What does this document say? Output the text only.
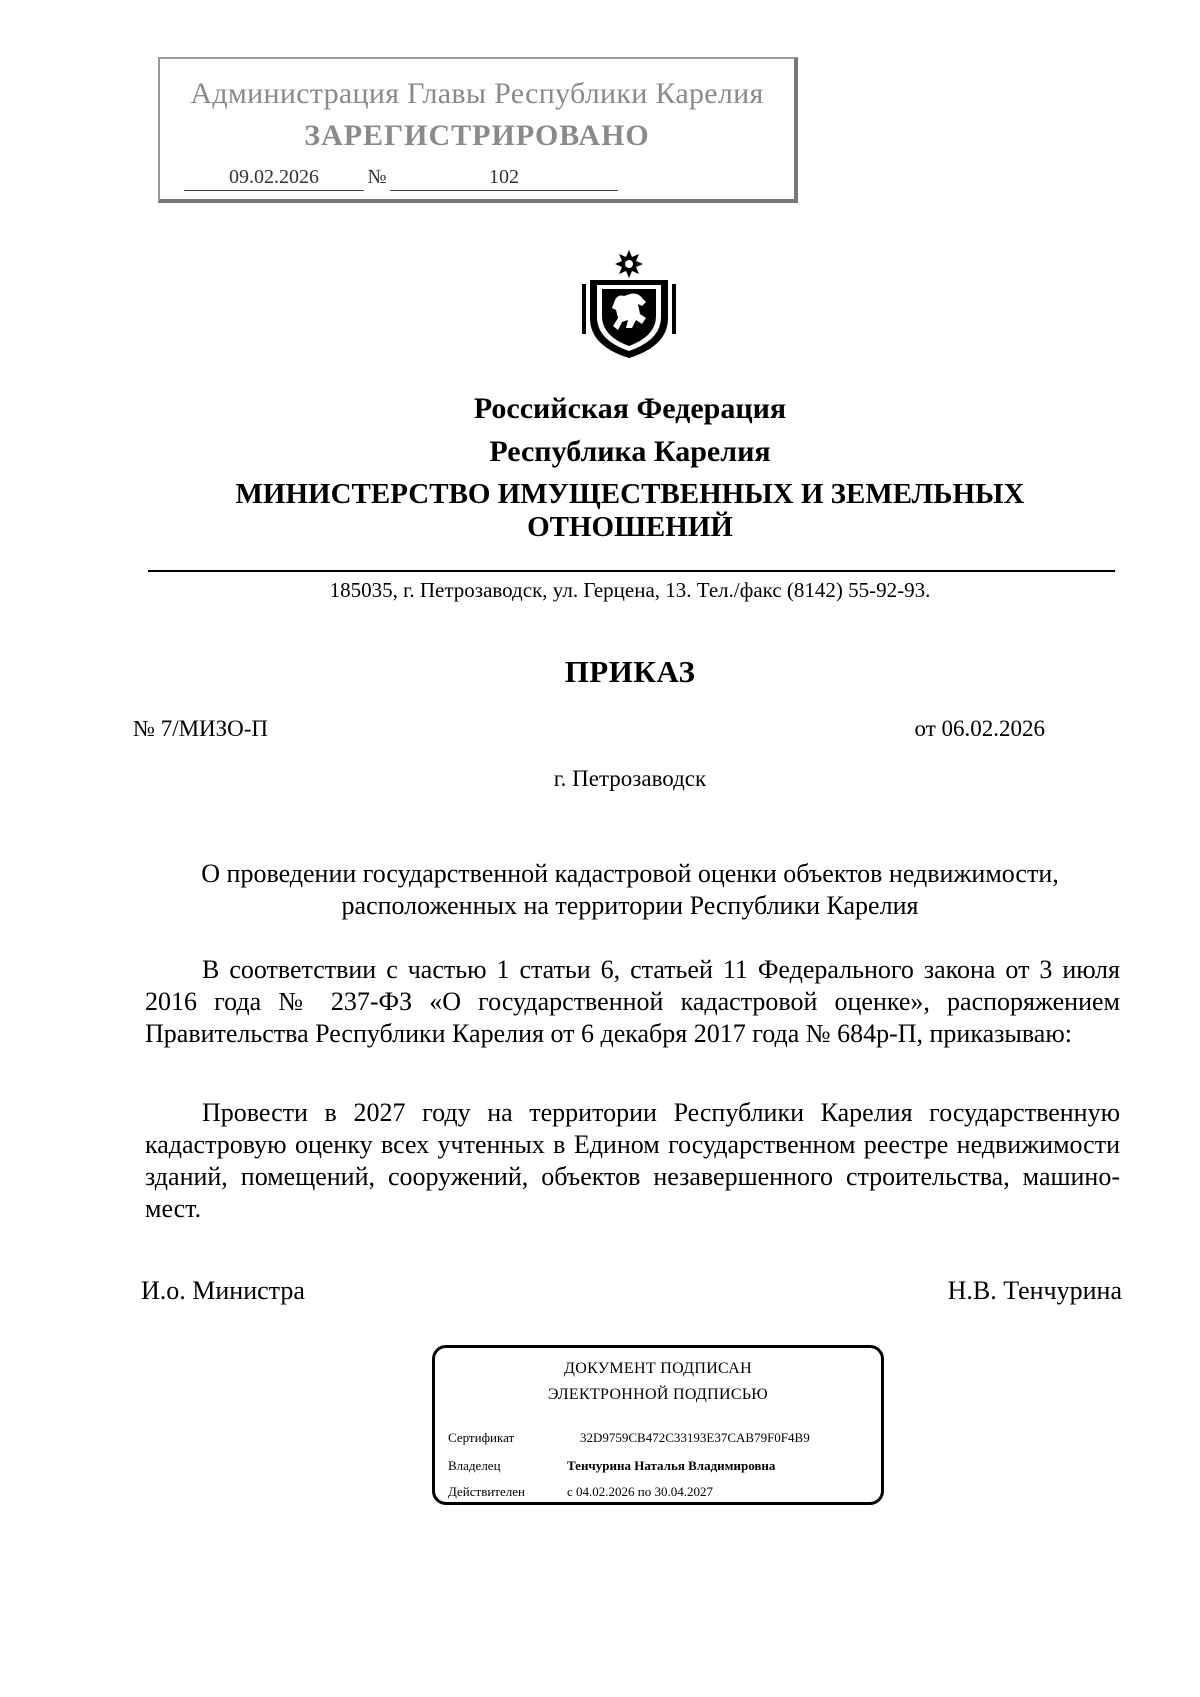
Администрация Главы Республики Карелия
ЗАРЕГИСТРИРОВАНО
09.02.2026 №	102
Российская Федерация
Республика Карелия
МИНИСТЕРСТВО ИМУЩЕСТВЕННЫХ И ЗЕМЕЛЬНЫХ
ОТНОШЕНИЙ
185035, г. Петрозаводск, ул. Герцена, 13. Тел./факс (8142) 55-92-93.
ПРИКАЗ
№ 7/МИЗО-П	от 06.02.2026
г. Петрозаводск
О проведении государственной кадастровой оценки объектов недвижимости,
расположенных на территории Республики Карелия
В соответствии с частью 1 статьи 6, статьей 11 Федерального закона от 3 июля 2016 года № 237-ФЗ «О государственной кадастровой оценке», распоряжением Правительства Республики Карелия от 6 декабря 2017 года № 684р-П, приказываю:
Провести в 2027 году на территории Республики Карелия государственную кадастровую оценку всех учтенных в Едином государственном реестре недвижимости зданий, помещений, сооружений, объектов незавершенного строительства, машино-мест.
И.о. Министра	Н.В. Тенчурина
ДОКУМЕНТ ПОДПИСАН
ЭЛЕКТРОННОЙ ПОДПИСЬЮ
Сертификат	32D9759CB472C33193E37CAB79F0F4B9
Владелец	Тенчурина Наталья Владимировна
Действителен	с 04.02.2026 по 30.04.2027
